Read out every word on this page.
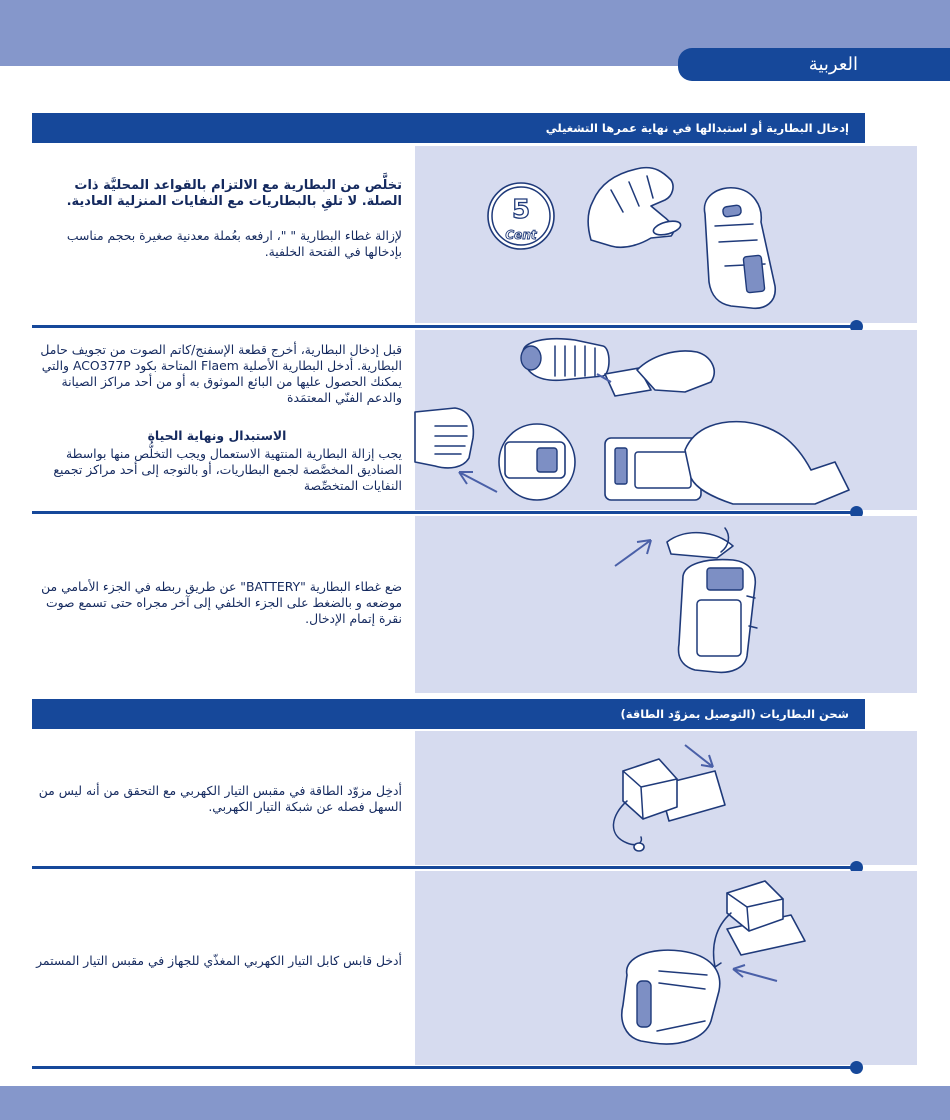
العربية
إدخال البطارية أو استبدالها في نهاية عمرها التشغيلي
تخلَّص من البطارية مع الالتزام بالقواعد المحليَّة ذات الصلة. لا تلقِ بالبطاريات مع النفايات المنزلية العادية.
لإزالة غطاء البطارية " "، ارفعه بعُملة معدنية صغيرة بحجم مناسب بإدخالها في الفتحة الخلفية.
5
Cent
قبل إدخال البطارية، أخرج قطعة الإسفنج/كاتم الصوت من تجويف حامل البطارية. أدخل البطارية الأصلية Flaem المتاحة بكود ACO377P والتي يمكنك الحصول عليها من البائع الموثوق به أو من أحد مراكز الصيانة والدعم الفنّي المعتمَدة
الاستبدال ونهاية الحياة
يجب إزالة البطارية المنتهية الاستعمال ويجب التخلُّص منها بواسطة الصناديق المخصَّصة لجمع البطاريات، أو بالتوجه إلى أحد مراكز تجميع النفايات المتخصِّصة
ضع غطاء البطارية "BATTERY" عن طريق ربطه في الجزء الأمامي من موضعه و بالضغط على الجزء الخلفي إلى آخر مجراه حتى تسمع صوت نقرة إتمام الإدخال.
شحن البطاريات (التوصيل بمزوّد الطاقة)
أدخِل مزوّد الطاقة في مقبس التيار الكهربي مع التحقق من أنه ليس من السهل فصله عن شبكة التيار الكهربي.
أدخل قابس كابل التيار الكهربي المغذّي للجهاز في مقبس التيار المستمر
